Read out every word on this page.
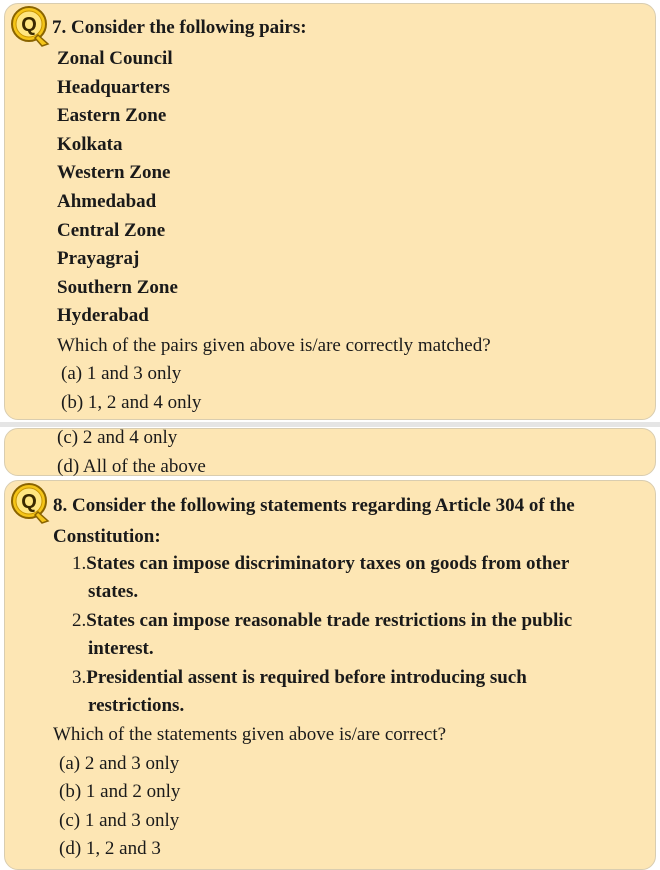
Q 7. Consider the following pairs:
Zonal Council
Headquarters
Eastern Zone
Kolkata
Western Zone
Ahmedabad
Central Zone
Prayagraj
Southern Zone
Hyderabad
Which of the pairs given above is/are correctly matched?
(a) 1 and 3 only
(b) 1, 2 and 4 only
(c) 2 and 4 only
(d) All of the above
Q 8. Consider the following statements regarding Article 304 of the
Constitution:
1.States can impose discriminatory taxes on goods from other
states.
2.States can impose reasonable trade restrictions in the public
interest.
3.Presidential assent is required before introducing such
restrictions.
Which of the statements given above is/are correct?
(a) 2 and 3 only
(b) 1 and 2 only
(c) 1 and 3 only
(d) 1, 2 and 3
